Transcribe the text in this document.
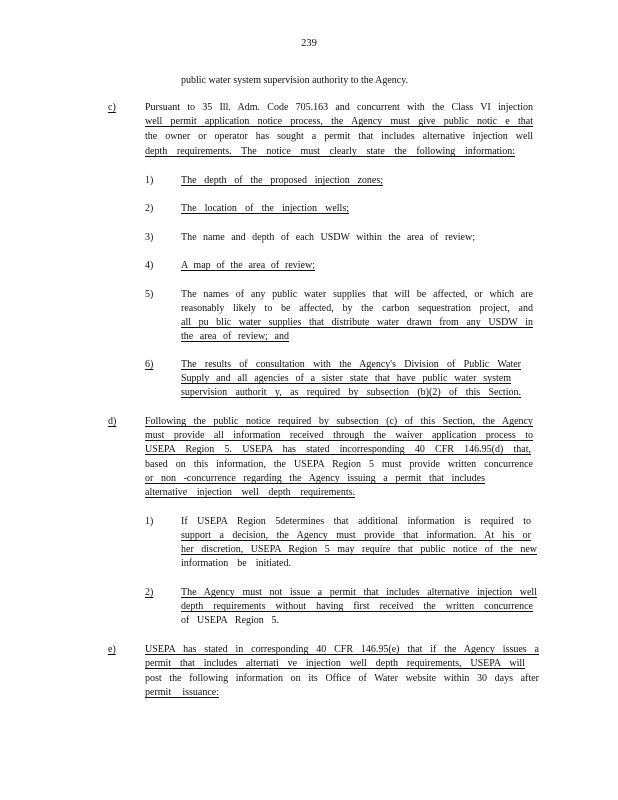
239
public water system supervision authority to the Agency.
c)	Pursuant to 35 Ill. Adm. Code 705.163 and concurrent with the Class VI injection
well permit application notice process, the Agency must give public notic e that
the owner or operator has sought a permit that includes alternative injection well
depth requirements. The notice must clearly state the following information:
1)	The depth of the proposed injection zones;
2)	The location of the injection wells;
3)	The name and depth of each USDW within the area of review;
4)	A map of the area of review;
5)	The names of any public water supplies that will be affected, or which are
reasonably likely to be affected, by the carbon sequestration project, and
all pu blic water supplies that distribute water drawn from any USDW in
the area of review; and
6)	The results of consultation with the Agency's Division of Public Water
Supply and all agencies of a sister state that have public water system
supervision authorit y, as required by subsection (b)(2) of this Section.
d)	Following the public notice required by subsection (c) of this Section, the Agency
must provide all information received through the waiver application process to
USEPA Region 5. USEPA has stated incorresponding 40 CFR 146.95(d) that,
based on this information, the USEPA Region 5 must provide written concurrence
or non -concurrence regarding the Agency issuing a permit that includes
alternative injection well depth requirements.
1)	If USEPA Region 5determines that additional information is required to
support a decision, the Agency must provide that information. At his or
her discretion, USEPA Region 5 may require that public notice of the new
information be initiated.
2)	The Agency must not issue a permit that includes alternative injection well
depth requirements without having first received the written concurrence
of USEPA Region 5.
e)	USEPA has stated in corresponding 40 CFR 146.95(e) that if the Agency issues a
permit that includes alternati ve injection well depth requirements, USEPA will
post the following information on its Office of Water website within 30 days after
permit issuance:
